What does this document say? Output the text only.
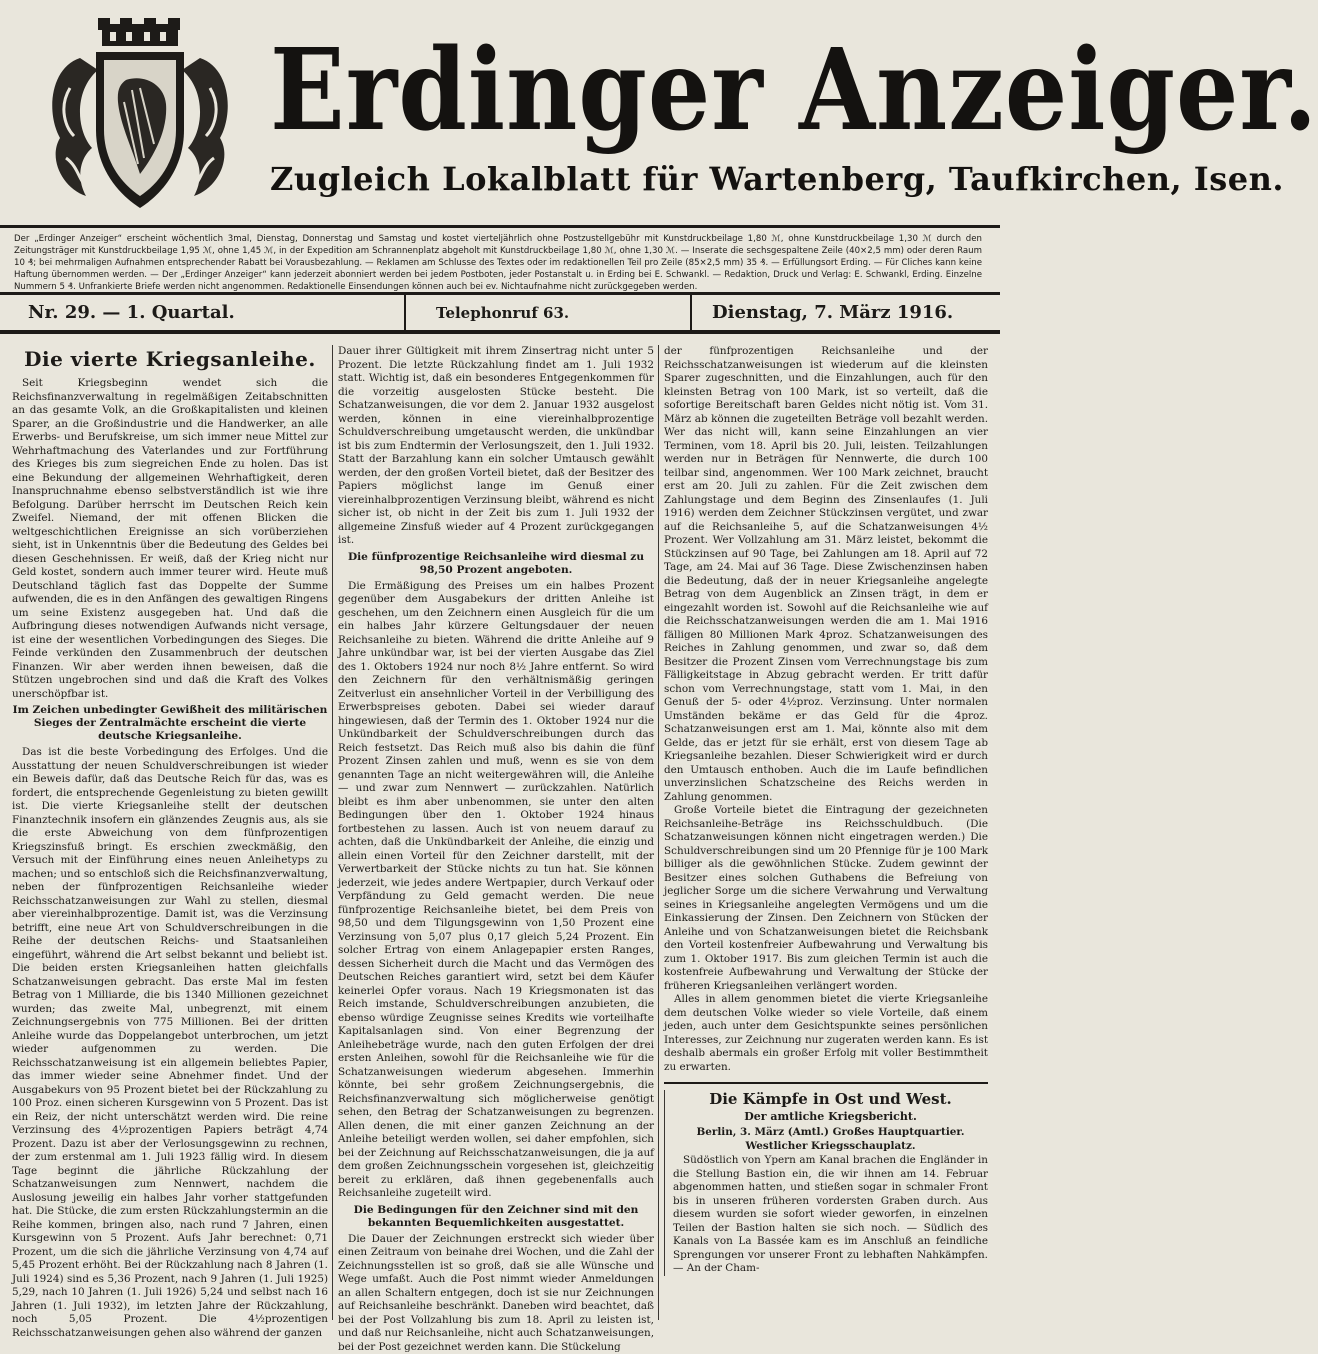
Erdinger Anzeiger.
Zugleich Lokalblatt für Wartenberg, Taufkirchen, Isen.
Der „Erdinger Anzeiger“ erscheint wöchentlich 3mal, Dienstag, Donnerstag und Samstag und kostet vierteljährlich ohne Postzustellgebühr mit Kunstdruckbeilage 1,80 ℳ, ohne Kunstdruckbeilage 1,30 ℳ durch den Zeitungsträger mit Kunstdruckbeilage 1,95 ℳ, ohne 1,45 ℳ, in der Expedition am Schrannenplatz abgeholt mit Kunstdruckbeilage 1,80 ℳ, ohne 1,30 ℳ. — Inserate die sechsgespaltene Zeile (40×2,5 mm) oder deren Raum 10 ₰; bei mehrmaligen Aufnahmen entsprechender Rabatt bei Vorausbezahlung. — Reklamen am Schlusse des Textes oder im redaktionellen Teil pro Zeile (85×2,5 mm) 35 ₰. — Erfüllungsort Erding. — Für Cliches kann keine Haftung übernommen werden. — Der „Erdinger Anzeiger“ kann jederzeit abonniert werden bei jedem Postboten, jeder Postanstalt u. in Erding bei E. Schwankl. — Redaktion, Druck und Verlag: E. Schwankl, Erding. Einzelne Nummern 5 ₰. Unfrankierte Briefe werden nicht angenommen. Redaktionelle Einsendungen können auch bei ev. Nichtaufnahme nicht zurückgegeben werden.
Nr. 29. — 1. Quartal.	Telephonruf 63.	Dienstag, 7. März 1916.
Die vierte Kriegsanleihe.

Seit Kriegsbeginn wendet sich die Reichsfinanzverwaltung in regelmäßigen Zeitabschnitten an das gesamte Volk, an die Großkapitalisten und kleinen Sparer, an die Großindustrie und die Handwerker, an alle Erwerbs- und Berufskreise, um sich immer neue Mittel zur Wehrhaftmachung des Vaterlandes und zur Fortführung des Krieges bis zum siegreichen Ende zu holen. Das ist eine Bekundung der allgemeinen Wehrhaftigkeit, deren Inanspruchnahme ebenso selbstverständlich ist wie ihre Befolgung. Darüber herrscht im Deutschen Reich kein Zweifel. Niemand, der mit offenen Blicken die weltgeschichtlichen Ereignisse an sich vorüberziehen sieht, ist in Unkenntnis über die Bedeutung des Geldes bei diesen Geschehnissen. Er weiß, daß der Krieg nicht nur Geld kostet, sondern auch immer teurer wird. Heute muß Deutschland täglich fast das Doppelte der Summe aufwenden, die es in den Anfängen des gewaltigen Ringens um seine Existenz ausgegeben hat. Und daß die Aufbringung dieses notwendigen Aufwands nicht versage, ist eine der wesentlichen Vorbedingungen des Sieges. Die Feinde verkünden den Zusammenbruch der deutschen Finanzen. Wir aber werden ihnen beweisen, daß die Stützen ungebrochen sind und daß die Kraft des Volkes unerschöpfbar ist.

Im Zeichen unbedingter Gewißheit des militärischen Sieges der Zentralmächte erscheint die vierte deutsche Kriegsanleihe.

Das ist die beste Vorbedingung des Erfolges. Und die Ausstattung der neuen Schuldverschreibungen ist wieder ein Beweis dafür, daß das Deutsche Reich für das, was es fordert, die entsprechende Gegenleistung zu bieten gewillt ist. Die vierte Kriegsanleihe stellt der deutschen Finanztechnik insofern ein glänzendes Zeugnis aus, als sie die erste Abweichung von dem fünfprozentigen Kriegszinsfuß bringt. Es erschien zweckmäßig, den Versuch mit der Einführung eines neuen Anleihetyps zu machen; und so entschloß sich die Reichsfinanzverwaltung, neben der fünfprozentigen Reichsanleihe wieder Reichsschatzanweisungen zur Wahl zu stellen, diesmal aber viereinhalbprozentige. Damit ist, was die Verzinsung betrifft, eine neue Art von Schuldverschreibungen in die Reihe der deutschen Reichs- und Staatsanleihen eingeführt, während die Art selbst bekannt und beliebt ist. Die beiden ersten Kriegsanleihen hatten gleichfalls Schatzanweisungen gebracht. Das erste Mal im festen Betrag von 1 Milliarde, die bis 1340 Millionen gezeichnet wurden; das zweite Mal, unbegrenzt, mit einem Zeichnungsergebnis von 775 Millionen. Bei der dritten Anleihe wurde das Doppelangebot unterbrochen, um jetzt wieder aufgenommen zu werden. Die Reichsschatzanweisung ist ein allgemein beliebtes Papier, das immer wieder seine Abnehmer findet. Und der Ausgabekurs von 95 Prozent bietet bei der Rückzahlung zu 100 Proz. einen sicheren Kursgewinn von 5 Prozent. Das ist ein Reiz, der nicht unterschätzt werden wird. Die reine Verzinsung des 4½prozentigen Papiers beträgt 4,74 Prozent. Dazu ist aber der Verlosungsgewinn zu rechnen, der zum erstenmal am 1. Juli 1923 fällig wird. In diesem Tage beginnt die jährliche Rückzahlung der Schatzanweisungen zum Nennwert, nachdem die Auslosung jeweilig ein halbes Jahr vorher stattgefunden hat. Die Stücke, die zum ersten Rückzahlungstermin an die Reihe kommen, bringen also, nach rund 7 Jahren, einen Kursgewinn von 5 Prozent. Aufs Jahr berechnet: 0,71 Prozent, um die sich die jährliche Verzinsung von 4,74 auf 5,45 Prozent erhöht. Bei der Rückzahlung nach 8 Jahren (1. Juli 1924) sind es 5,36 Prozent, nach 9 Jahren (1. Juli 1925) 5,29, nach 10 Jahren (1. Juli 1926) 5,24 und selbst nach 16 Jahren (1. Juli 1932), im letzten Jahre der Rückzahlung, noch 5,05 Prozent. Die 4½prozentigen Reichsschatzanweisungen gehen also während der ganzen

Dauer ihrer Gültigkeit mit ihrem Zinsertrag nicht unter 5 Prozent. Die letzte Rückzahlung findet am 1. Juli 1932 statt. Wichtig ist, daß ein besonderes Entgegenkommen für die vorzeitig ausgelosten Stücke besteht. Die Schatzanweisungen, die vor dem 2. Januar 1932 ausgelost werden, können in eine viereinhalbprozentige Schuldverschreibung umgetauscht werden, die unkündbar ist bis zum Endtermin der Verlosungszeit, den 1. Juli 1932. Statt der Barzahlung kann ein solcher Umtausch gewählt werden, der den großen Vorteil bietet, daß der Besitzer des Papiers möglichst lange im Genuß einer viereinhalbprozentigen Verzinsung bleibt, während es nicht sicher ist, ob nicht in der Zeit bis zum 1. Juli 1932 der allgemeine Zinsfuß wieder auf 4 Prozent zurückgegangen ist.

Die fünfprozentige Reichsanleihe wird diesmal zu 98,50 Prozent angeboten.

Die Ermäßigung des Preises um ein halbes Prozent gegenüber dem Ausgabekurs der dritten Anleihe ist geschehen, um den Zeichnern einen Ausgleich für die um ein halbes Jahr kürzere Geltungsdauer der neuen Reichsanleihe zu bieten. Während die dritte Anleihe auf 9 Jahre unkündbar war, ist bei der vierten Ausgabe das Ziel des 1. Oktobers 1924 nur noch 8½ Jahre entfernt. So wird den Zeichnern für den verhältnismäßig geringen Zeitverlust ein ansehnlicher Vorteil in der Verbilligung des Erwerbspreises geboten. Dabei sei wieder darauf hingewiesen, daß der Termin des 1. Oktober 1924 nur die Unkündbarkeit der Schuldverschreibungen durch das Reich festsetzt. Das Reich muß also bis dahin die fünf Prozent Zinsen zahlen und muß, wenn es sie von dem genannten Tage an nicht weitergewähren will, die Anleihe — und zwar zum Nennwert — zurückzahlen. Natürlich bleibt es ihm aber unbenommen, sie unter den alten Bedingungen über den 1. Oktober 1924 hinaus fortbestehen zu lassen. Auch ist von neuem darauf zu achten, daß die Unkündbarkeit der Anleihe, die einzig und allein einen Vorteil für den Zeichner darstellt, mit der Verwertbarkeit der Stücke nichts zu tun hat. Sie können jederzeit, wie jedes andere Wertpapier, durch Verkauf oder Verpfändung zu Geld gemacht werden. Die neue fünfprozentige Reichsanleihe bietet, bei dem Preis von 98,50 und dem Tilgungsgewinn von 1,50 Prozent eine Verzinsung von 5,07 plus 0,17 gleich 5,24 Prozent. Ein solcher Ertrag von einem Anlagepapier ersten Ranges, dessen Sicherheit durch die Macht und das Vermögen des Deutschen Reiches garantiert wird, setzt bei dem Käufer keinerlei Opfer voraus. Nach 19 Kriegsmonaten ist das Reich imstande, Schuldverschreibungen anzubieten, die ebenso würdige Zeugnisse seines Kredits wie vorteilhafte Kapitalsanlagen sind. Von einer Begrenzung der Anleihebeträge wurde, nach den guten Erfolgen der drei ersten Anleihen, sowohl für die Reichsanleihe wie für die Schatzanweisungen wiederum abgesehen. Immerhin könnte, bei sehr großem Zeichnungsergebnis, die Reichsfinanzverwaltung sich möglicherweise genötigt sehen, den Betrag der Schatzanweisungen zu begrenzen. Allen denen, die mit einer ganzen Zeichnung an der Anleihe beteiligt werden wollen, sei daher empfohlen, sich bei der Zeichnung auf Reichsschatzanweisungen, die ja auf dem großen Zeichnungsschein vorgesehen ist, gleichzeitig bereit zu erklären, daß ihnen gegebenenfalls auch Reichsanleihe zugeteilt wird.

Die Bedingungen für den Zeichner sind mit den bekannten Bequemlichkeiten ausgestattet.

Die Dauer der Zeichnungen erstreckt sich wieder über einen Zeitraum von beinahe drei Wochen, und die Zahl der Zeichnungsstellen ist so groß, daß sie alle Wünsche und Wege umfaßt. Auch die Post nimmt wieder Anmeldungen an allen Schaltern entgegen, doch ist sie nur Zeichnungen auf Reichsanleihe beschränkt. Daneben wird beachtet, daß bei der Post Vollzahlung bis zum 18. April zu leisten ist, und daß nur Reichsanleihe, nicht auch Schatzanweisungen, bei der Post gezeichnet werden kann. Die Stückelung

der fünfprozentigen Reichsanleihe und der Reichsschatzanweisungen ist wiederum auf die kleinsten Sparer zugeschnitten, und die Einzahlungen, auch für den kleinsten Betrag von 100 Mark, ist so verteilt, daß die sofortige Bereitschaft baren Geldes nicht nötig ist. Vom 31. März ab können die zugeteilten Beträge voll bezahlt werden. Wer das nicht will, kann seine Einzahlungen an vier Terminen, vom 18. April bis 20. Juli, leisten. Teilzahlungen werden nur in Beträgen für Nennwerte, die durch 100 teilbar sind, angenommen. Wer 100 Mark zeichnet, braucht erst am 20. Juli zu zahlen. Für die Zeit zwischen dem Zahlungstage und dem Beginn des Zinsenlaufes (1. Juli 1916) werden dem Zeichner Stückzinsen vergütet, und zwar auf die Reichsanleihe 5, auf die Schatzanweisungen 4½ Prozent. Wer Vollzahlung am 31. März leistet, bekommt die Stückzinsen auf 90 Tage, bei Zahlungen am 18. April auf 72 Tage, am 24. Mai auf 36 Tage. Diese Zwischenzinsen haben die Bedeutung, daß der in neuer Kriegsanleihe angelegte Betrag von dem Augenblick an Zinsen trägt, in dem er eingezahlt worden ist. Sowohl auf die Reichsanleihe wie auf die Reichsschatzanweisungen werden die am 1. Mai 1916 fälligen 80 Millionen Mark 4proz. Schatzanweisungen des Reiches in Zahlung genommen, und zwar so, daß dem Besitzer die Prozent Zinsen vom Verrechnungstage bis zum Fälligkeitstage in Abzug gebracht werden. Er tritt dafür schon vom Verrechnungstage, statt vom 1. Mai, in den Genuß der 5- oder 4½proz. Verzinsung. Unter normalen Umständen bekäme er das Geld für die 4proz. Schatzanweisungen erst am 1. Mai, könnte also mit dem Gelde, das er jetzt für sie erhält, erst von diesem Tage ab Kriegsanleihe bezahlen. Dieser Schwierigkeit wird er durch den Umtausch enthoben. Auch die im Laufe befindlichen unverzinslichen Schatzscheine des Reichs werden in Zahlung genommen.

Große Vorteile bietet die Eintragung der gezeichneten Reichsanleihe-Beträge ins Reichsschuldbuch. (Die Schatzanweisungen können nicht eingetragen werden.) Die Schuldverschreibungen sind um 20 Pfennige für je 100 Mark billiger als die gewöhnlichen Stücke. Zudem gewinnt der Besitzer eines solchen Guthabens die Befreiung von jeglicher Sorge um die sichere Verwahrung und Verwaltung seines in Kriegsanleihe angelegten Vermögens und um die Einkassierung der Zinsen. Den Zeichnern von Stücken der Anleihe und von Schatzanweisungen bietet die Reichsbank den Vorteil kostenfreier Aufbewahrung und Verwaltung bis zum 1. Oktober 1917. Bis zum gleichen Termin ist auch die kostenfreie Aufbewahrung und Verwaltung der Stücke der früheren Kriegsanleihen verlängert worden.

Alles in allem genommen bietet die vierte Kriegsanleihe dem deutschen Volke wieder so viele Vorteile, daß einem jeden, auch unter dem Gesichtspunkte seines persönlichen Interesses, zur Zeichnung nur zugeraten werden kann. Es ist deshalb abermals ein großer Erfolg mit voller Bestimmtheit zu erwarten.

Die Kämpfe in Ost und West.
Der amtliche Kriegsbericht.
Berlin, 3. März (Amtl.) Großes Hauptquartier.
Westlicher Kriegsschauplatz.

Südöstlich von Ypern am Kanal brachen die Engländer in die Stellung Bastion ein, die wir ihnen am 14. Februar abgenommen hatten, und stießen sogar in schmaler Front bis in unseren früheren vordersten Graben durch. Aus diesem wurden sie sofort wieder geworfen, in einzelnen Teilen der Bastion halten sie sich noch. — Südlich des Kanals von La Bassée kam es im Anschluß an feindliche Sprengungen vor unserer Front zu lebhaften Nahkämpfen. — An der Cham-
